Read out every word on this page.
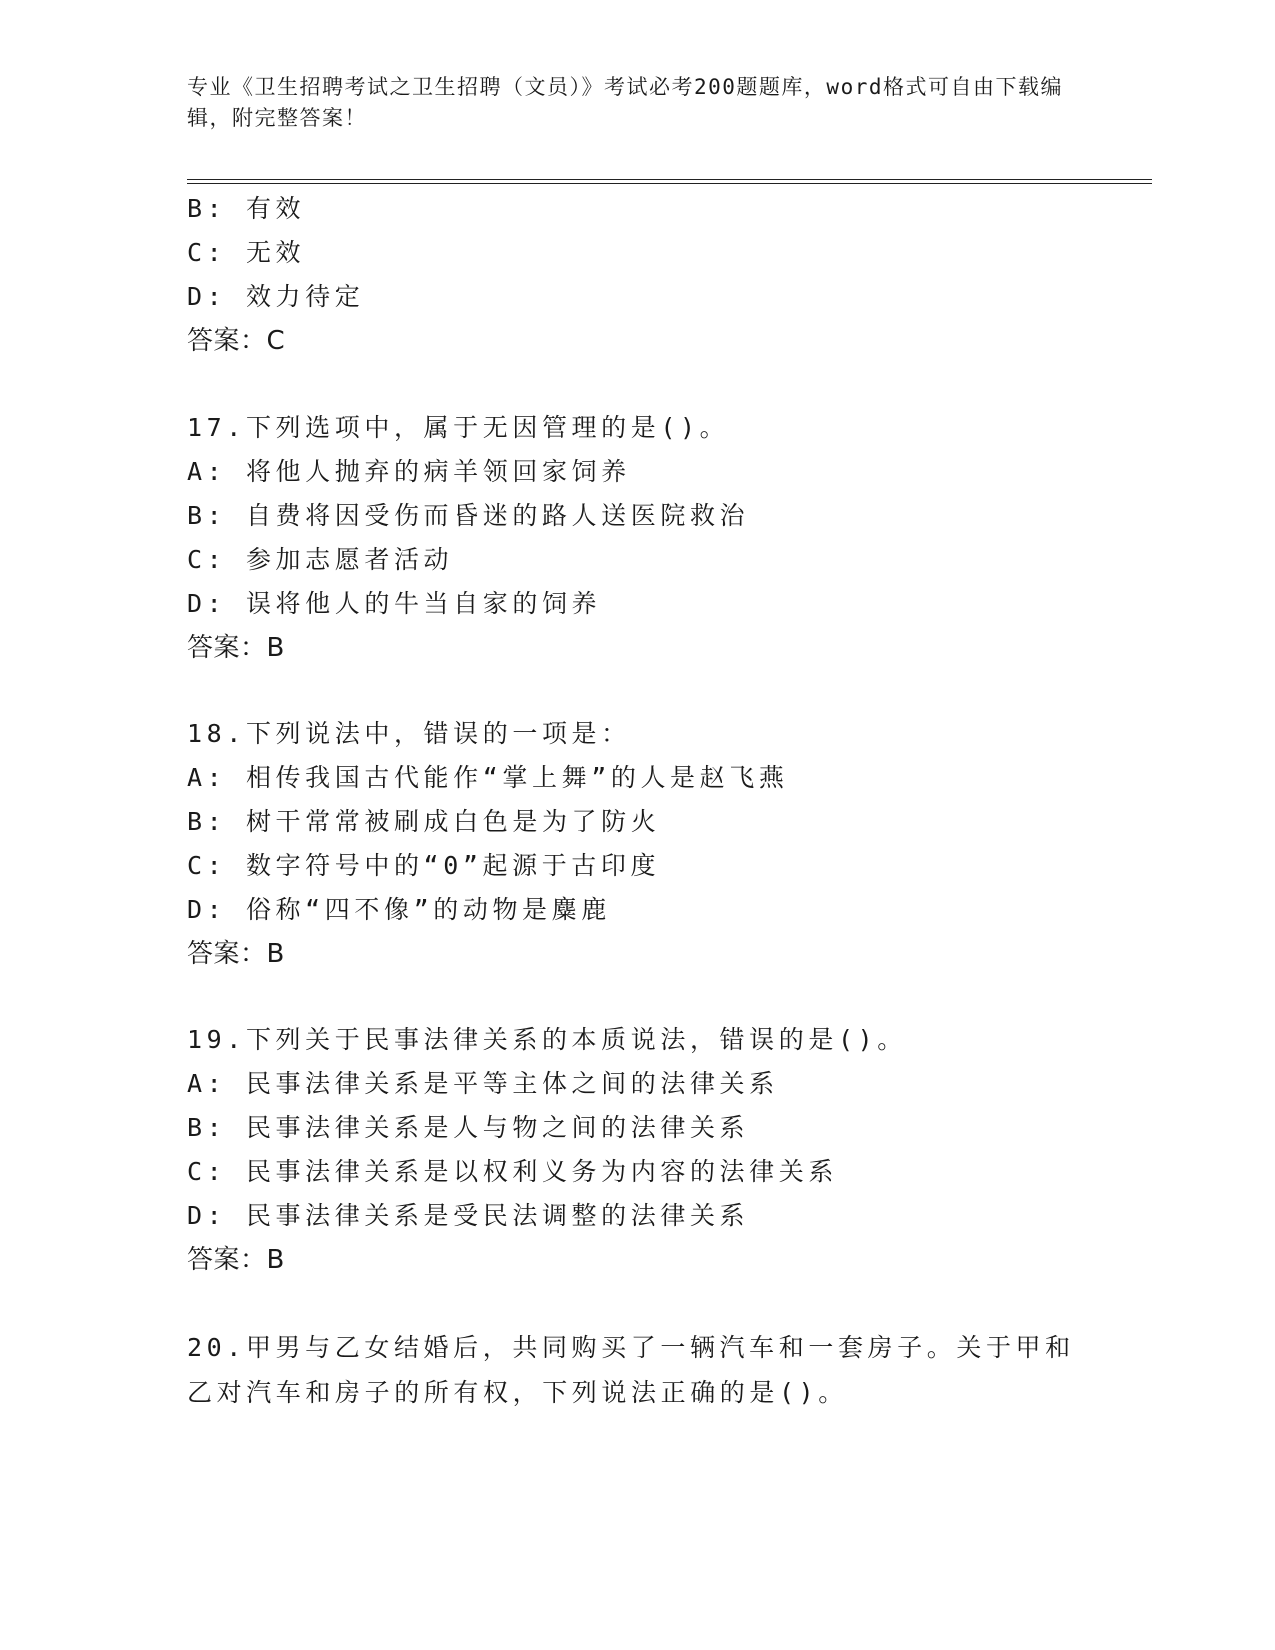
专业《卫生招聘考试之卫生招聘（文员）》考试必考200题题库，word格式可自由下载编辑，附完整答案！
B: 有效
C: 无效
D: 效力待定
答案：C
17.下列选项中，属于无因管理的是()。
A: 将他人抛弃的病羊领回家饲养
B: 自费将因受伤而昏迷的路人送医院救治
C: 参加志愿者活动
D: 误将他人的牛当自家的饲养
答案：B
18.下列说法中，错误的一项是：
A: 相传我国古代能作“掌上舞”的人是赵飞燕
B: 树干常常被刷成白色是为了防火
C: 数字符号中的“0”起源于古印度
D: 俗称“四不像”的动物是麋鹿
答案：B
19.下列关于民事法律关系的本质说法，错误的是()。
A: 民事法律关系是平等主体之间的法律关系
B: 民事法律关系是人与物之间的法律关系
C: 民事法律关系是以权利义务为内容的法律关系
D: 民事法律关系是受民法调整的法律关系
答案：B
20.甲男与乙女结婚后，共同购买了一辆汽车和一套房子。关于甲和乙对汽车和房子的所有权，下列说法正确的是()。
